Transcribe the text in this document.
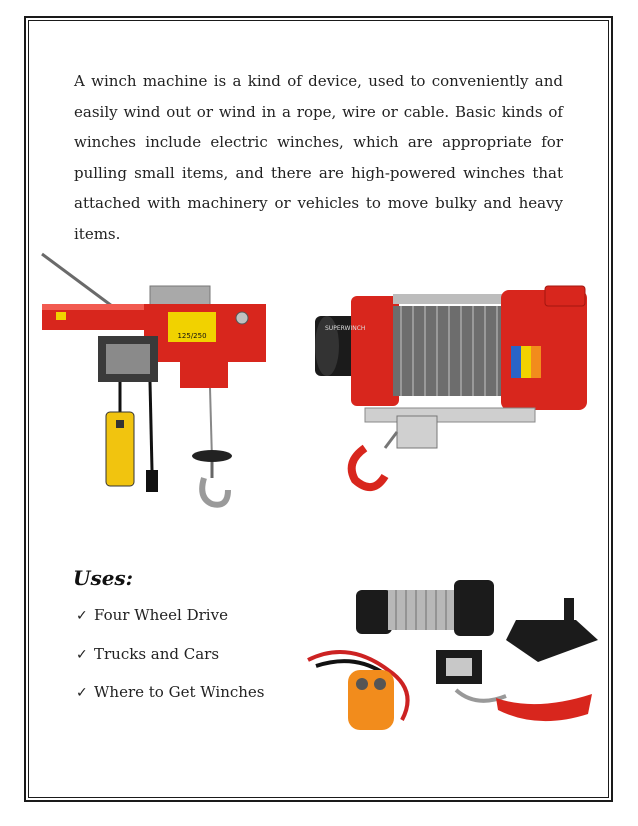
A winch machine is a kind of device, used to conveniently and easily wind out or wind in a rope, wire or cable. Basic kinds of winches include electric winches, which are appropriate for pulling small items, and there are high-powered winches that attached with machinery or vehicles to move bulky and heavy items.

125/250
SUPERWINCH
Uses:
✓ Four Wheel Drive
✓ Trucks and Cars
✓ Where to Get Winches
